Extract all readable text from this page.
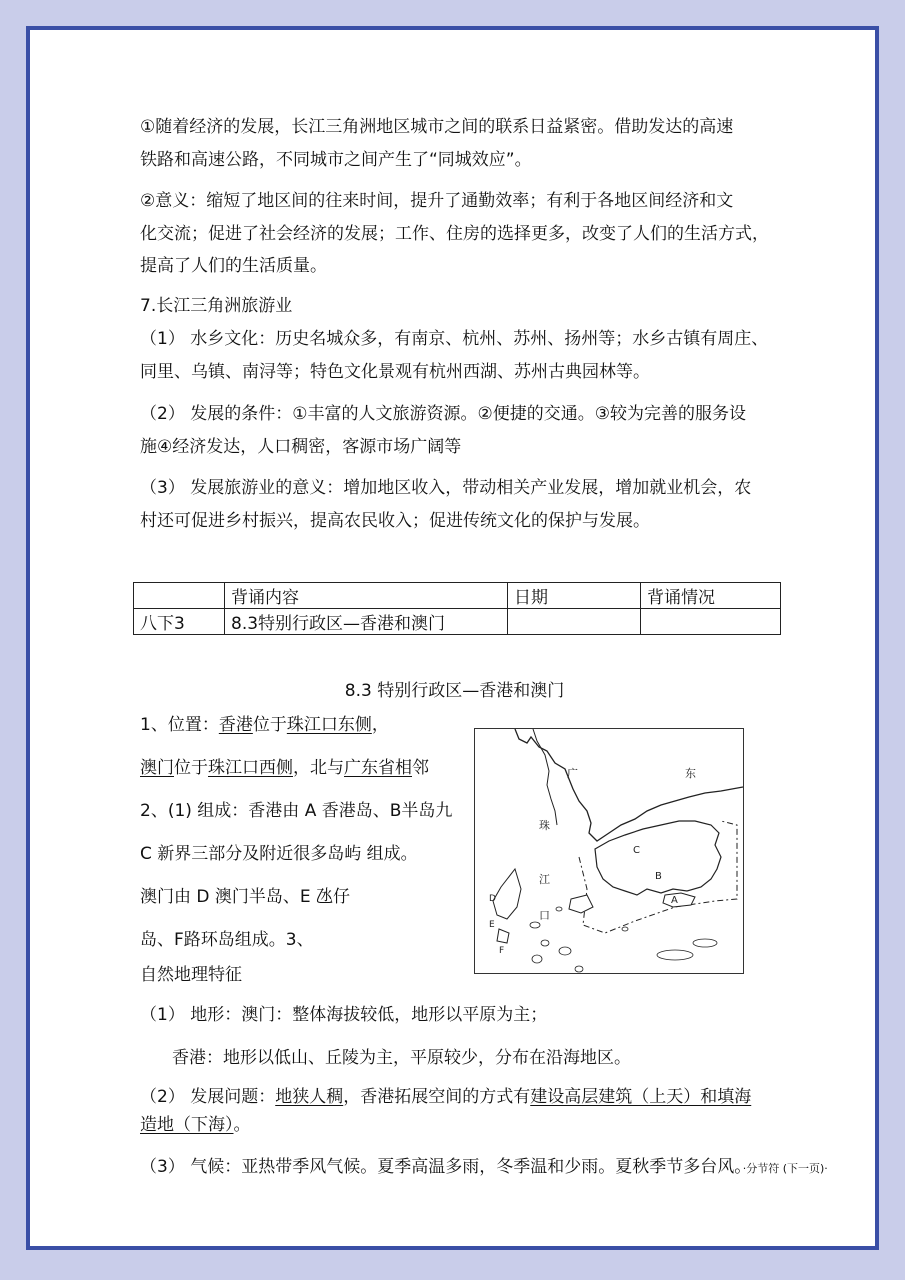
①随着经济的发展，长江三角洲地区城市之间的联系日益紧密。借助发达的高速
铁路和高速公路，不同城市之间产生了“同城效应”。
②意义：缩短了地区间的往来时间，提升了通勤效率；有利于各地区间经济和文
化交流；促进了社会经济的发展；工作、住房的选择更多，改变了人们的生活方式，
提高了人们的生活质量。
7.长江三角洲旅游业
（1） 水乡文化：历史名城众多，有南京、杭州、苏州、扬州等；水乡古镇有周庄、
同里、乌镇、南浔等；特色文化景观有杭州西湖、苏州古典园林等。
（2） 发展的条件：①丰富的人文旅游资源。②便捷的交通。③较为完善的服务设
施④经济发达，人口稠密，客源市场广阔等
（3） 发展旅游业的意义：增加地区收入，带动相关产业发展，增加就业机会，农
村还可促进乡村振兴，提高农民收入；促进传统文化的保护与发展。
	背诵内容	日期	背诵情况
八下3	8.3特别行政区—香港和澳门		
8.3 特别行政区—香港和澳门
1、位置：香港位于珠江口东侧，
澳门位于珠江口西侧，北与广东省相邻
2、(1) 组成：香港由 A 香港岛、B半岛九
C 新界三部分及附近很多岛屿 组成。
澳门由 D 澳门半岛、E 氹仔
岛、F路环岛组成。3、
自然地理特征
广	东
珠
江
口
A
B
C
D
E
F
（1） 地形：澳门：整体海拔较低，地形以平原为主；
香港：地形以低山、丘陵为主，平原较少，分布在沿海地区。
（2） 发展问题：地狭人稠，香港拓展空间的方式有建设高层建筑（上天）和填海
造地（下海）。
（3） 气候：亚热带季风气候。夏季高温多雨，冬季温和少雨。夏秋季节多台风。·分节符 (下一页)·
